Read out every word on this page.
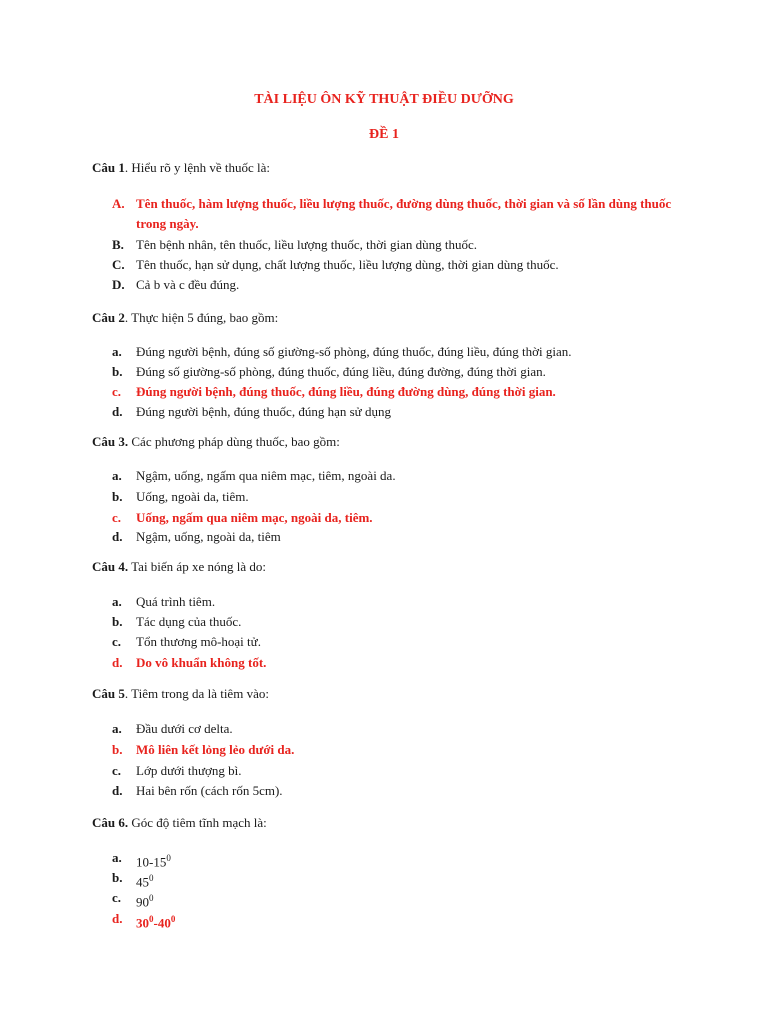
TÀI LIỆU ÔN KỸ THUẬT ĐIỀU DƯỠNG
ĐỀ 1
Câu 1. Hiểu rõ y lệnh về thuốc là:
A. Tên thuốc, hàm lượng thuốc, liều lượng thuốc, đường dùng thuốc, thời gian và số lần dùng thuốc trong ngày.
B. Tên bệnh nhân, tên thuốc, liều lượng thuốc, thời gian dùng thuốc.
C. Tên thuốc, hạn sử dụng, chất lượng thuốc, liều lượng dùng, thời gian dùng thuốc.
D. Cả b và c đều đúng.
Câu 2. Thực hiện 5 đúng, bao gồm:
a. Đúng người bệnh, đúng số giường-số phòng, đúng thuốc, đúng liều, đúng thời gian.
b. Đúng số giường-số phòng, đúng thuốc, đúng liều, đúng đường, đúng thời gian.
c. Đúng người bệnh, đúng thuốc, đúng liều, đúng đường dùng, đúng thời gian.
d. Đúng người bệnh, đúng thuốc, đúng hạn sử dụng
Câu 3. Các phương pháp dùng thuốc, bao gồm:
a. Ngậm, uống, ngấm qua niêm mạc, tiêm, ngoài da.
b. Uống, ngoài da, tiêm.
c. Uống, ngấm qua niêm mạc, ngoài da, tiêm.
d. Ngậm, uống, ngoài da, tiêm
Câu 4. Tai biến áp xe nóng là do:
a. Quá trình tiêm.
b. Tác dụng của thuốc.
c. Tổn thương mô-hoại tử.
d. Do vô khuẩn không tốt.
Câu 5. Tiêm trong da là tiêm vào:
a. Đầu dưới cơ delta.
b. Mô liên kết lỏng lẻo dưới da.
c. Lớp dưới thượng bì.
d. Hai bên rốn (cách rốn 5cm).
Câu 6. Góc độ tiêm tĩnh mạch là:
a. $10-15^0$
b. $45^0$
c. $90^0$
d. $30^0-40^0$
